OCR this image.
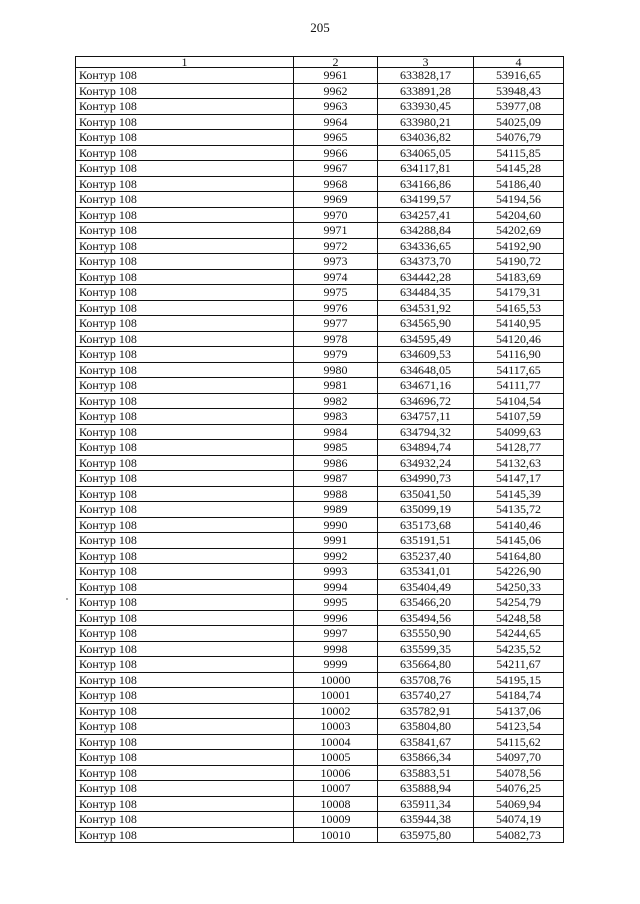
205
1	2	3	4
Контур 108	9961	633828,17	53916,65
Контур 108	9962	633891,28	53948,43
Контур 108	9963	633930,45	53977,08
Контур 108	9964	633980,21	54025,09
Контур 108	9965	634036,82	54076,79
Контур 108	9966	634065,05	54115,85
Контур 108	9967	634117,81	54145,28
Контур 108	9968	634166,86	54186,40
Контур 108	9969	634199,57	54194,56
Контур 108	9970	634257,41	54204,60
Контур 108	9971	634288,84	54202,69
Контур 108	9972	634336,65	54192,90
Контур 108	9973	634373,70	54190,72
Контур 108	9974	634442,28	54183,69
Контур 108	9975	634484,35	54179,31
Контур 108	9976	634531,92	54165,53
Контур 108	9977	634565,90	54140,95
Контур 108	9978	634595,49	54120,46
Контур 108	9979	634609,53	54116,90
Контур 108	9980	634648,05	54117,65
Контур 108	9981	634671,16	54111,77
Контур 108	9982	634696,72	54104,54
Контур 108	9983	634757,11	54107,59
Контур 108	9984	634794,32	54099,63
Контур 108	9985	634894,74	54128,77
Контур 108	9986	634932,24	54132,63
Контур 108	9987	634990,73	54147,17
Контур 108	9988	635041,50	54145,39
Контур 108	9989	635099,19	54135,72
Контур 108	9990	635173,68	54140,46
Контур 108	9991	635191,51	54145,06
Контур 108	9992	635237,40	54164,80
Контур 108	9993	635341,01	54226,90
Контур 108	9994	635404,49	54250,33
Контур 108	9995	635466,20	54254,79
Контур 108	9996	635494,56	54248,58
Контур 108	9997	635550,90	54244,65
Контур 108	9998	635599,35	54235,52
Контур 108	9999	635664,80	54211,67
Контур 108	10000	635708,76	54195,15
Контур 108	10001	635740,27	54184,74
Контур 108	10002	635782,91	54137,06
Контур 108	10003	635804,80	54123,54
Контур 108	10004	635841,67	54115,62
Контур 108	10005	635866,34	54097,70
Контур 108	10006	635883,51	54078,56
Контур 108	10007	635888,94	54076,25
Контур 108	10008	635911,34	54069,94
Контур 108	10009	635944,38	54074,19
Контур 108	10010	635975,80	54082,73
